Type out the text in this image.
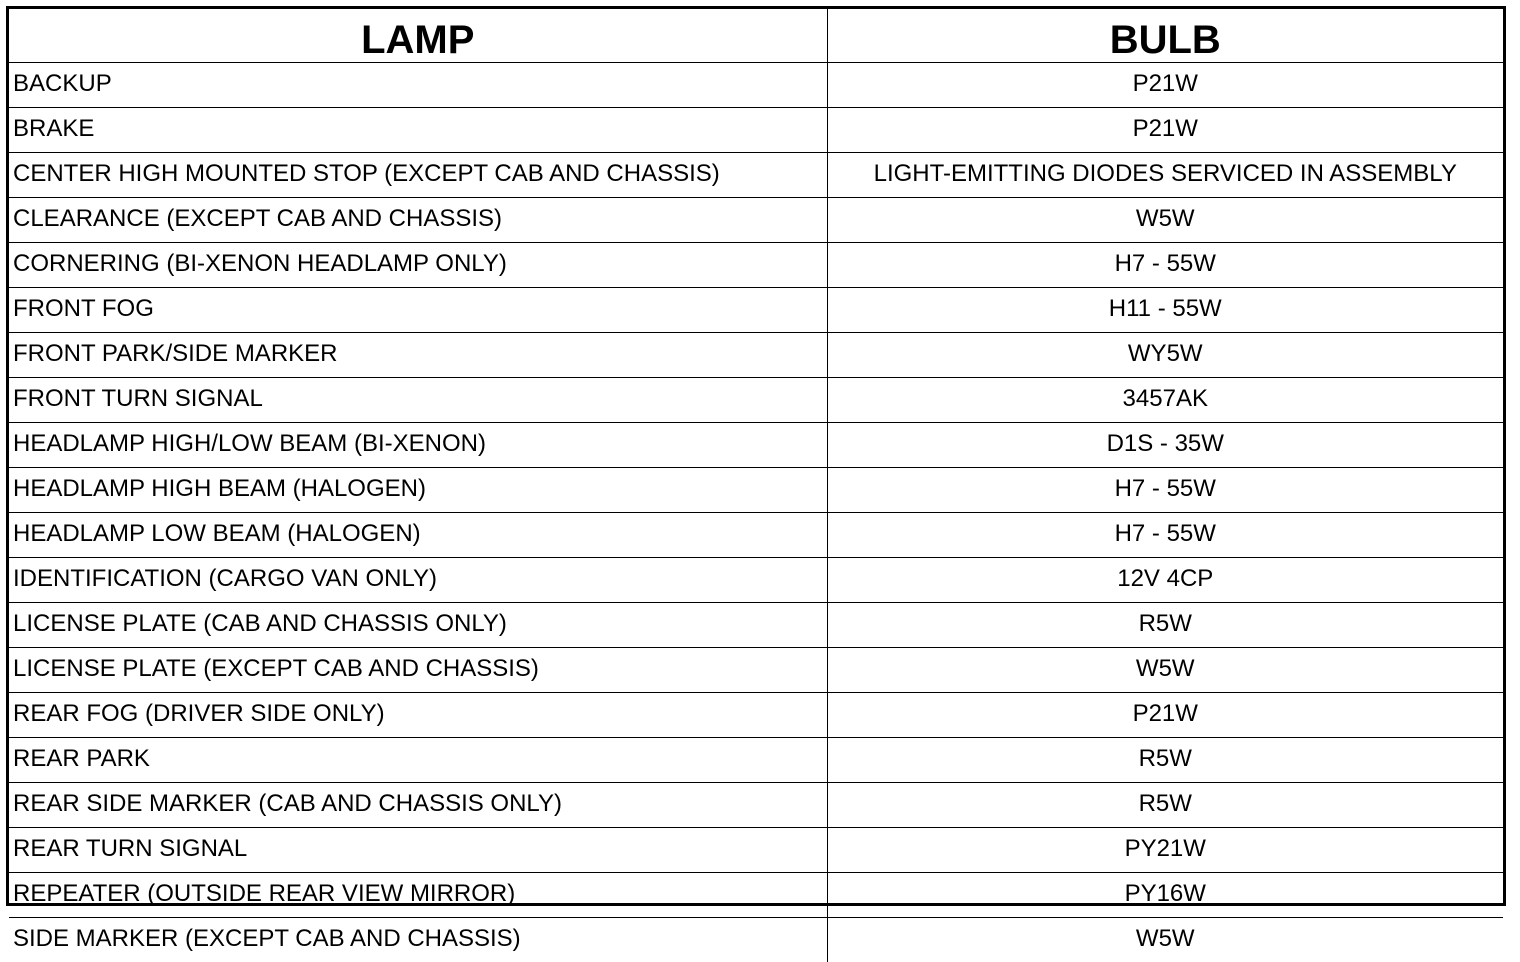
LAMP	BULB
BACKUP	P21W
BRAKE	P21W
CENTER HIGH MOUNTED STOP (EXCEPT CAB AND CHASSIS)	LIGHT-EMITTING DIODES SERVICED IN ASSEMBLY
CLEARANCE (EXCEPT CAB AND CHASSIS)	W5W
CORNERING (BI-XENON HEADLAMP ONLY)	H7 - 55W
FRONT FOG	H11 - 55W
FRONT PARK/SIDE MARKER	WY5W
FRONT TURN SIGNAL	3457AK
HEADLAMP HIGH/LOW BEAM (BI-XENON)	D1S - 35W
HEADLAMP HIGH BEAM (HALOGEN)	H7 - 55W
HEADLAMP LOW BEAM (HALOGEN)	H7 - 55W
IDENTIFICATION (CARGO VAN ONLY)	12V 4CP
LICENSE PLATE (CAB AND CHASSIS ONLY)	R5W
LICENSE PLATE (EXCEPT CAB AND CHASSIS)	W5W
REAR FOG (DRIVER SIDE ONLY)	P21W
REAR PARK	R5W
REAR SIDE MARKER (CAB AND CHASSIS ONLY)	R5W
REAR TURN SIGNAL	PY21W
REPEATER (OUTSIDE REAR VIEW MIRROR)	PY16W
SIDE MARKER (EXCEPT CAB AND CHASSIS)	W5W
